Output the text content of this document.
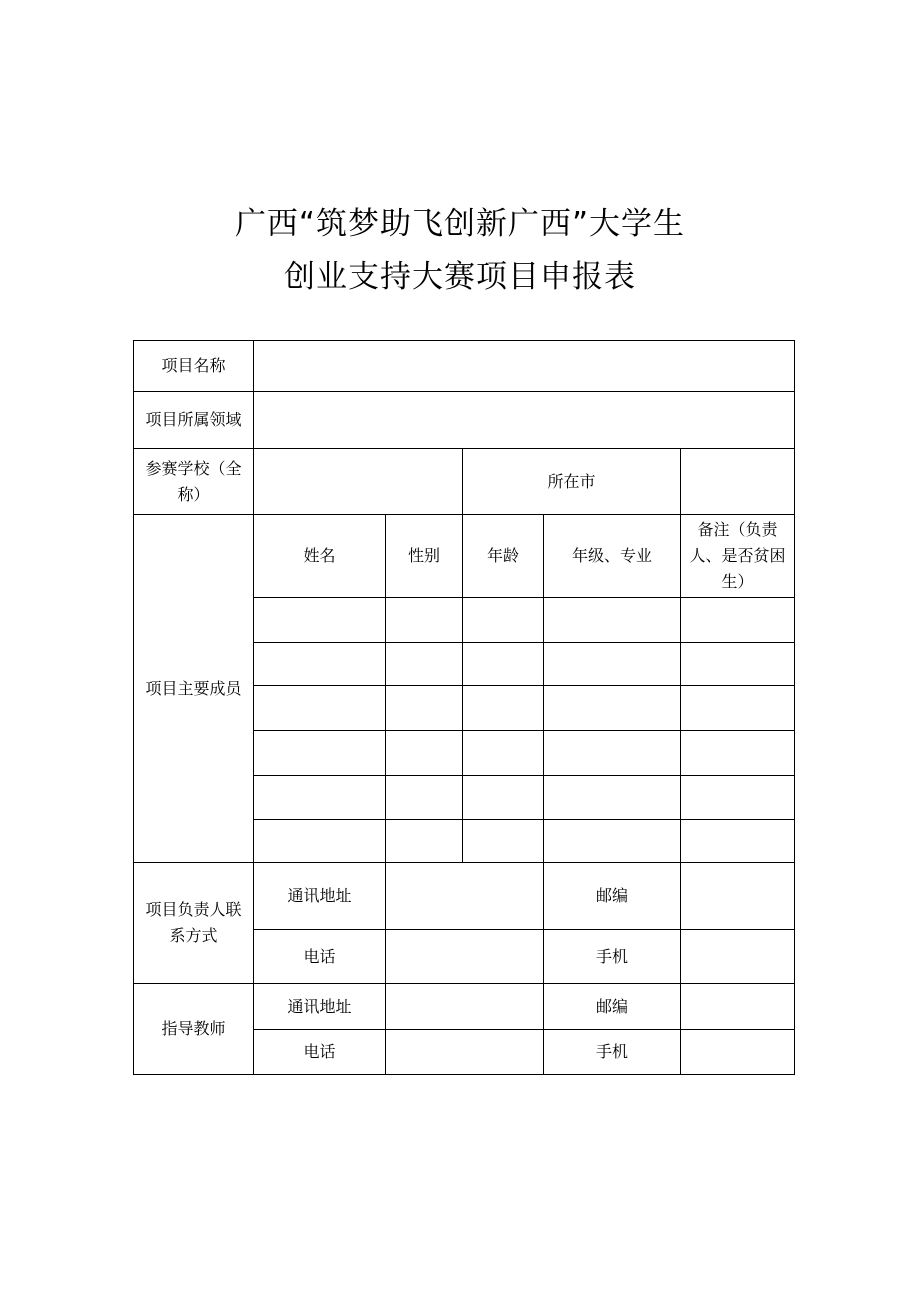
广西“筑梦助飞创新广西”大学生
创业支持大赛项目申报表
项目名称					
项目所属领域					
参赛学校（全称）			所在市		
项目主要成员	姓名	性别	年龄	年级、专业	备注（负责人、是否贫困生）

项目负责人联系方式	通讯地址			邮编	
	电话			手机	
指导教师	通讯地址			邮编	
	电话			手机	
